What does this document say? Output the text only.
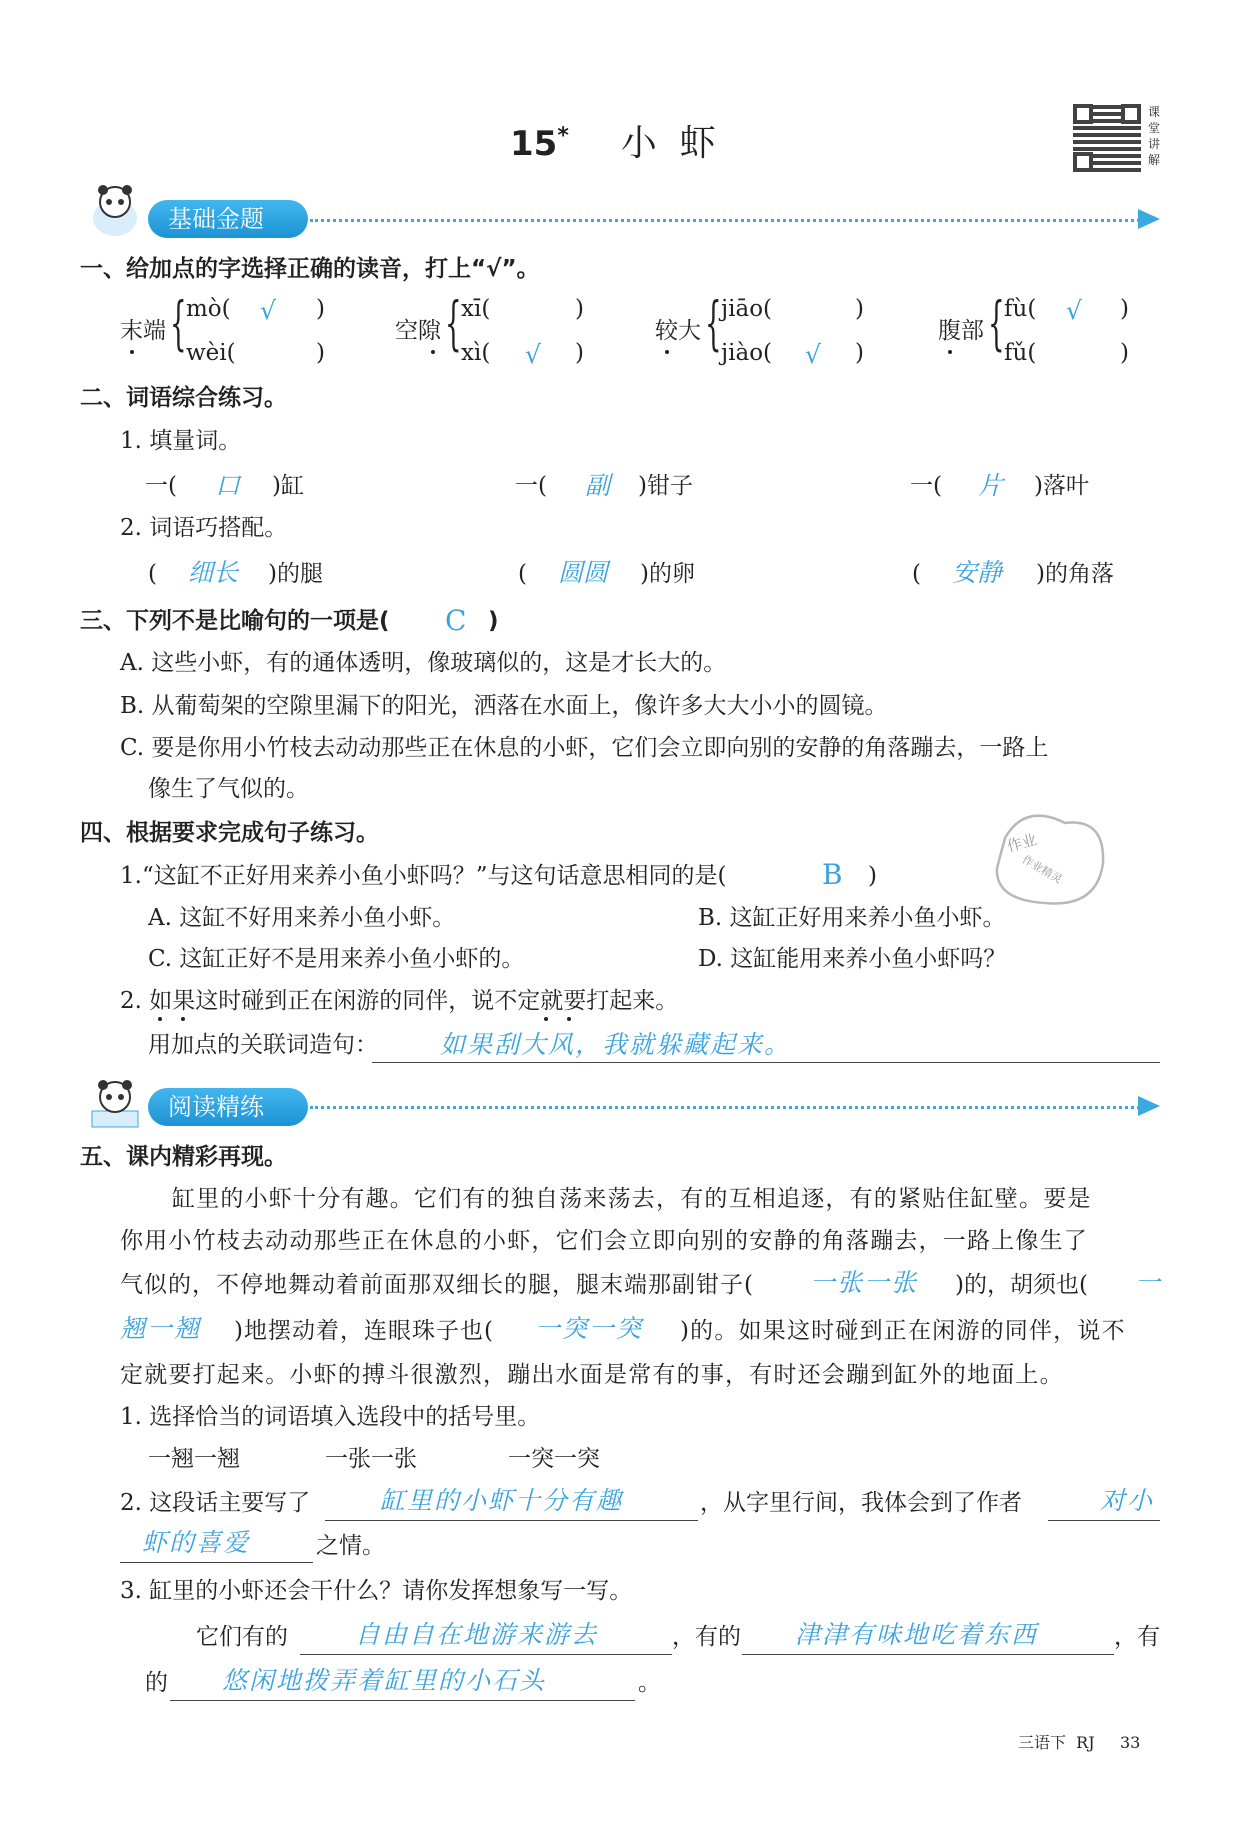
15* 小  虾
课
堂
讲
解
基础金题
一、给加点的字选择正确的读音，打上“√”。
末端 { mò( √ )
wèi(	)
空隙 { xī(	)
xì( √ )
较大 { jiāo(	)
jiào( √ )
腹部 { fù( √ )
fǔ(	)
二、词语综合练习。
1. 填量词。
一( 口 )缸	一( 副 )钳子	一( 片 )落叶
2. 词语巧搭配。
( 细长 )的腿	( 圆圆 )的卵	( 安静 )的角落
三、下列不是比喻句的一项是( C )
A. 这些小虾，有的通体透明，像玻璃似的，这是才长大的。
B. 从葡萄架的空隙里漏下的阳光，洒落在水面上，像许多大大小小的圆镜。
C. 要是你用小竹枝去动动那些正在休息的小虾，它们会立即向别的安静的角落蹦去，一路上
像生了气似的。
四、根据要求完成句子练习。
1.“这缸不正好用来养小鱼小虾吗？”与这句话意思相同的是(	B )
作业
作业精灵
A. 这缸不好用来养小鱼小虾。	B. 这缸正好用来养小鱼小虾。
C. 这缸正好不是用来养小鱼小虾的。	D. 这缸能用来养小鱼小虾吗？
2. 如果这时碰到正在闲游的同伴，说不定就要打起来。
用加点的关联词造句： 如果刮大风，我就躲藏起来。
阅读精练
五、课内精彩再现。
缸里的小虾十分有趣。它们有的独自荡来荡去，有的互相追逐，有的紧贴住缸壁。要是
你用小竹枝去动动那些正在休息的小虾，它们会立即向别的安静的角落蹦去，一路上像生了
气似的，不停地舞动着前面那双细长的腿，腿末端那副钳子( 一张一张 )的，胡须也( 一
翘一翘 )地摆动着，连眼珠子也( 一突一突 )的。如果这时碰到正在闲游的同伴，说不
定就要打起来。小虾的搏斗很激烈，蹦出水面是常有的事，有时还会蹦到缸外的地面上。
1. 选择恰当的词语填入选段中的括号里。
一翘一翘	一张一张	一突一突
2. 这段话主要写了	缸里的小虾十分有趣	，从字里行间，我体会到了作者	对小
虾的喜爱	之情。
3. 缸里的小虾还会干什么？请你发挥想象写一写。
它们有的	自由自在地游来游去	，有的 津津有味地吃着东西	，有
的 悠闲地拨弄着缸里的小石头	。
三语下  RJ 33
